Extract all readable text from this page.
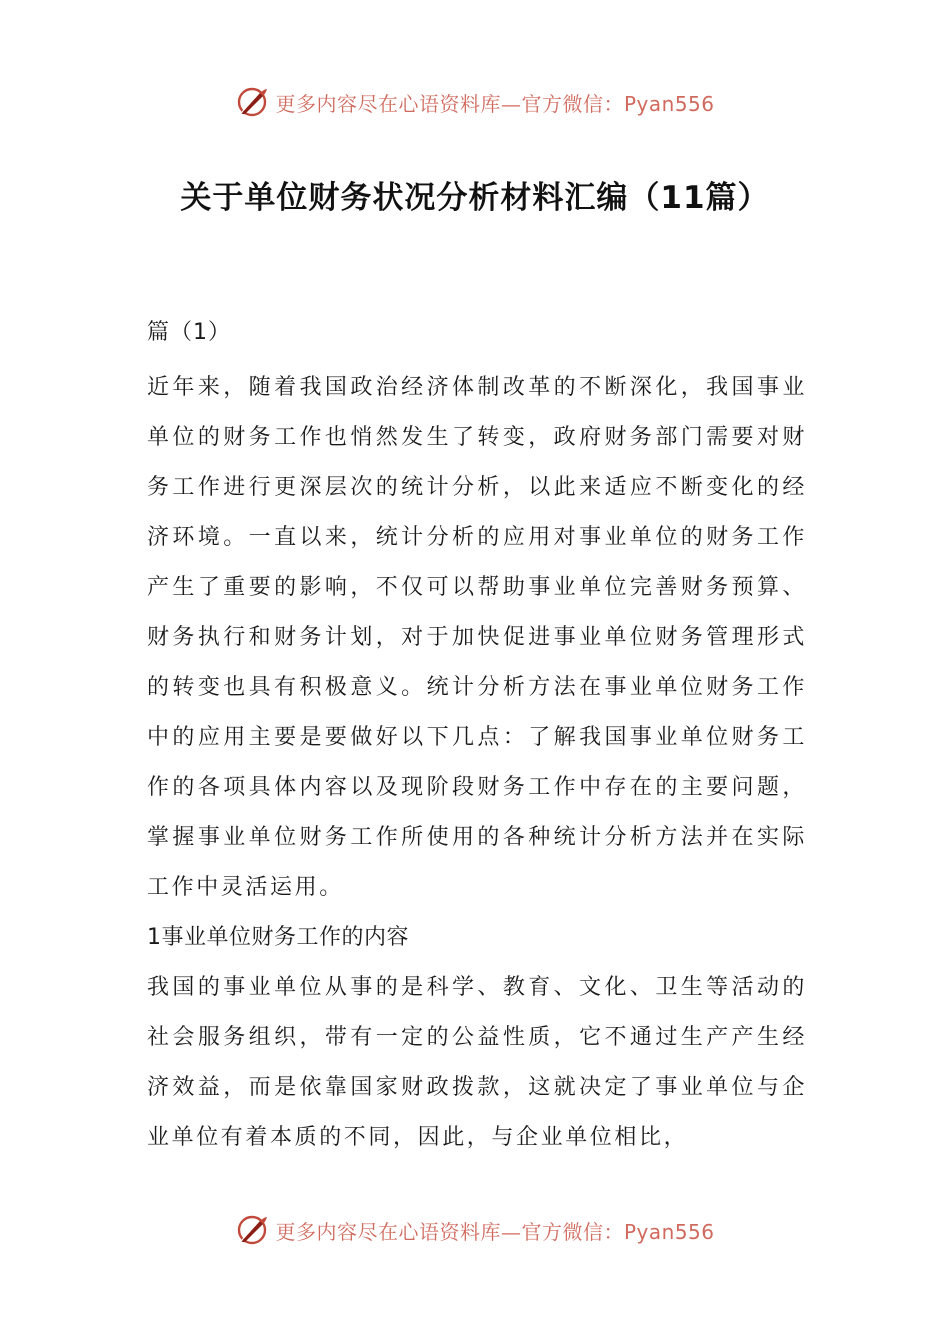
更多内容尽在心语资料库—官方微信：Pyan556
关于单位财务状况分析材料汇编（11篇）

篇（1）

近年来，随着我国政治经济体制改革的不断深化，我国事业单位的财务工作也悄然发生了转变，政府财务部门需要对财务工作进行更深层次的统计分析，以此来适应不断变化的经济环境。一直以来，统计分析的应用对事业单位的财务工作产生了重要的影响，不仅可以帮助事业单位完善财务预算、财务执行和财务计划，对于加快促进事业单位财务管理形式的转变也具有积极意义。统计分析方法在事业单位财务工作中的应用主要是要做好以下几点：了解我国事业单位财务工作的各项具体内容以及现阶段财务工作中存在的主要问题，掌握事业单位财务工作所使用的各种统计分析方法并在实际工作中灵活运用。

1事业单位财务工作的内容

我国的事业单位从事的是科学、教育、文化、卫生等活动的社会服务组织，带有一定的公益性质，它不通过生产产生经济效益，而是依靠国家财政拨款，这就决定了事业单位与企业单位有着本质的不同，因此，与企业单位相比，

更多内容尽在心语资料库—官方微信：Pyan556
